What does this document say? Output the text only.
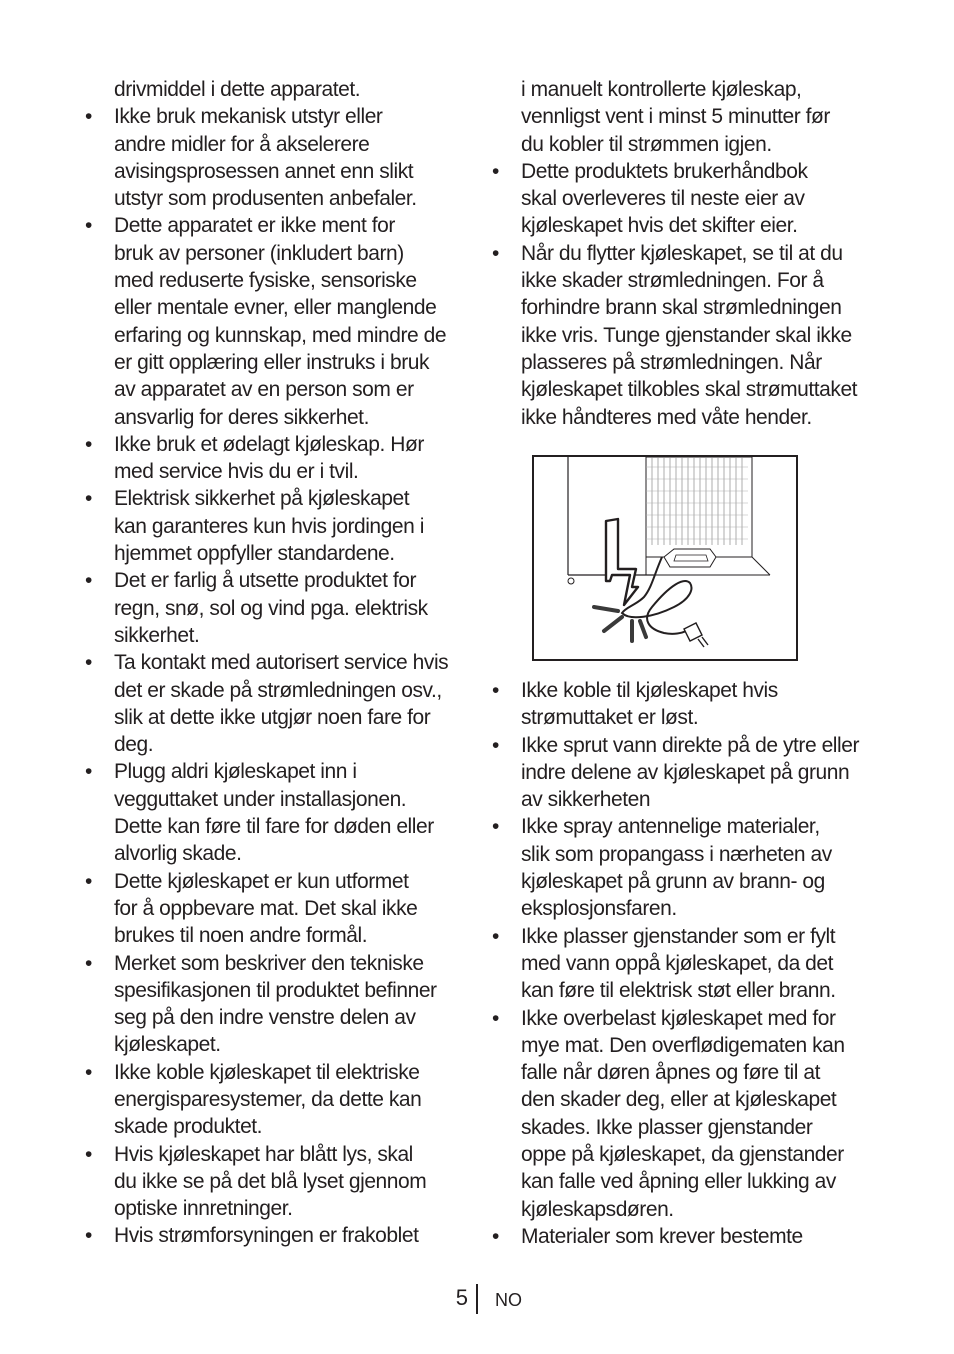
drivmiddel i dette apparatet.

• Ikke bruk mekanisk utstyr eller
andre midler for å akselerere
avisingsprosessen annet enn slikt
utstyr som produsenten anbefaler.
• Dette apparatet er ikke ment for
bruk av personer (inkludert barn)
med reduserte fysiske, sensoriske
eller mentale evner, eller manglende
erfaring og kunnskap, med mindre de
er gitt opplæring eller instruks i bruk
av apparatet av en person som er
ansvarlig for deres sikkerhet.
• Ikke bruk et ødelagt kjøleskap. Hør
med service hvis du er i tvil.
• Elektrisk sikkerhet på kjøleskapet
kan garanteres kun hvis jordingen i
hjemmet oppfyller standardene.
• Det er farlig å utsette produktet for
regn, snø, sol og vind pga. elektrisk
sikkerhet.
• Ta kontakt med autorisert service hvis
det er skade på strømledningen osv.,
slik at dette ikke utgjør noen fare for
deg.
• Plugg aldri kjøleskapet inn i
vegguttaket under installasjonen.
Dette kan føre til fare for døden eller
alvorlig skade.
• Dette kjøleskapet er kun utformet
for å oppbevare mat. Det skal ikke
brukes til noen andre formål.
• Merket som beskriver den tekniske
spesifikasjonen til produktet befinner
seg på den indre venstre delen av
kjøleskapet.
• Ikke koble kjøleskapet til elektriske
energisparesystemer, da dette kan
skade produktet.
• Hvis kjøleskapet har blått lys, skal
du ikke se på det blå lyset gjennom
optiske innretninger.
• Hvis strømforsyningen er frakoblet

i manuelt kontrollerte kjøleskap,
vennligst vent i minst 5 minutter før
du kobler til strømmen igjen.

• Dette produktets brukerhåndbok
skal overleveres til neste eier av
kjøleskapet hvis det skifter eier.
• Når du flytter kjøleskapet, se til at du
ikke skader strømledningen. For å
forhindre brann skal strømledningen
ikke vris. Tunge gjenstander skal ikke
plasseres på strømledningen. Når
kjøleskapet tilkobles skal strømuttaket
ikke håndteres med våte hender.
• Ikke koble til kjøleskapet hvis
strømuttaket er løst.
• Ikke sprut vann direkte på de ytre eller
indre delene av kjøleskapet på grunn
av sikkerheten
• Ikke spray antennelige materialer,
slik som propangass i nærheten av
kjøleskapet på grunn av brann- og
eksplosjonsfaren.
• Ikke plasser gjenstander som er fylt
med vann oppå kjøleskapet, da det
kan føre til elektrisk støt eller brann.
• Ikke overbelast kjøleskapet med for
mye mat. Den overflødigematen kan
falle når døren åpnes og føre til at
den skader deg, eller at kjøleskapet
skades. Ikke plasser gjenstander
oppe på kjøleskapet, da gjenstander
kan falle ved åpning eller lukking av
kjøleskapsdøren.
• Materialer som krever bestemte
5 NO
